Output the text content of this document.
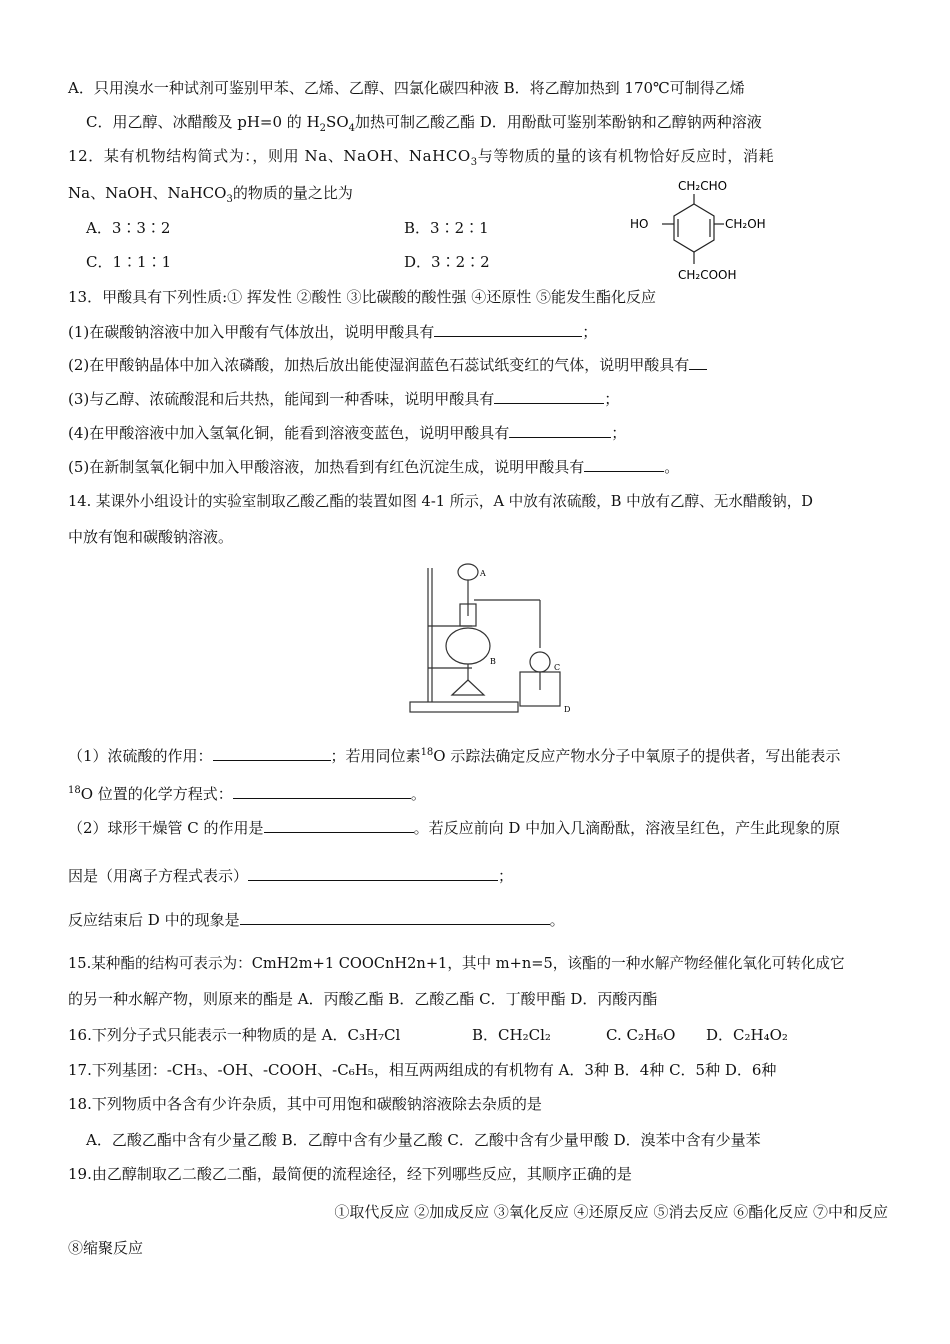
A．只用溴水一种试剂可鉴别甲苯、乙烯、乙醇、四氯化碳四种液 B．将乙醇加热到 170℃可制得乙烯
C．用乙醇、冰醋酸及 pH=0 的 $H_2SO_4$加热可制乙酸乙酯 D．用酚酞可鉴别苯酚钠和乙醇钠两种溶液
12．某有机物结构简式为：，则用 Na、NaOH、NaHCO$_3$与等物质的量的该有机物恰好反应时，消耗
Na、NaOH、NaHCO$_3$的物质的量之比为
A．3∶3∶2	B．3∶2∶1
C．1∶1∶1	D．3∶2∶2
CH₂CHO
HO	CH₂OH
CH₂COOH
13．甲酸具有下列性质:① 挥发性 ②酸性 ③比碳酸的酸性强 ④还原性 ⑤能发生酯化反应
(1)在碳酸钠溶液中加入甲酸有气体放出，说明甲酸具有	；
(2)在甲酸钠晶体中加入浓磷酸，加热后放出能使湿润蓝色石蕊试纸变红的气体，说明甲酸具有
(3)与乙醇、浓硫酸混和后共热，能闻到一种香味，说明甲酸具有	；
(4)在甲酸溶液中加入氢氧化铜，能看到溶液变蓝色，说明甲酸具有	；
(5)在新制氢氧化铜中加入甲酸溶液，加热看到有红色沉淀生成，说明甲酸具有	。
14. 某课外小组设计的实验室制取乙酸乙酯的装置如图 4-1 所示，A 中放有浓硫酸，B 中放有乙醇、无水醋酸钠，D
中放有饱和碳酸钠溶液。
A
B
C
D
（1）浓硫酸的作用：	；若用同位素$^{18}$O 示踪法确定反应产物水分子中氧原子的提供者，写出能表示
$^{18}$O 位置的化学方程式：	。
（2）球形干燥管 C 的作用是	。若反应前向 D 中加入几滴酚酞，溶液呈红色，产生此现象的原
因是（用离子方程式表示）	；
反应结束后 D 中的现象是	。
15.某种酯的结构可表示为：CmH2m+1 COOCnH2n+1，其中 m+n=5，该酯的一种水解产物经催化氧化可转化成它
的另一种水解产物，则原来的酯是 A．丙酸乙酯 B．乙酸乙酯 C．丁酸甲酯 D．丙酸丙酯
16.下列分子式只能表示一种物质的是 A．C₃H₇Cl	B．CH₂Cl₂	C. C₂H₆O D．C₂H₄O₂
17.下列基团：-CH₃、-OH、-COOH、-C₆H₅，相互两两组成的有机物有 A．3种 B．4种 C．5种 D．6种
18.下列物质中各含有少许杂质，其中可用饱和碳酸钠溶液除去杂质的是
A．乙酸乙酯中含有少量乙酸 B．乙醇中含有少量乙酸 C．乙酸中含有少量甲酸 D．溴苯中含有少量苯
19.由乙醇制取乙二酸乙二酯，最简便的流程途径，经下列哪些反应，其顺序正确的是
①取代反应 ②加成反应 ③氧化反应 ④还原反应 ⑤消去反应 ⑥酯化反应 ⑦中和反应
⑧缩聚反应
